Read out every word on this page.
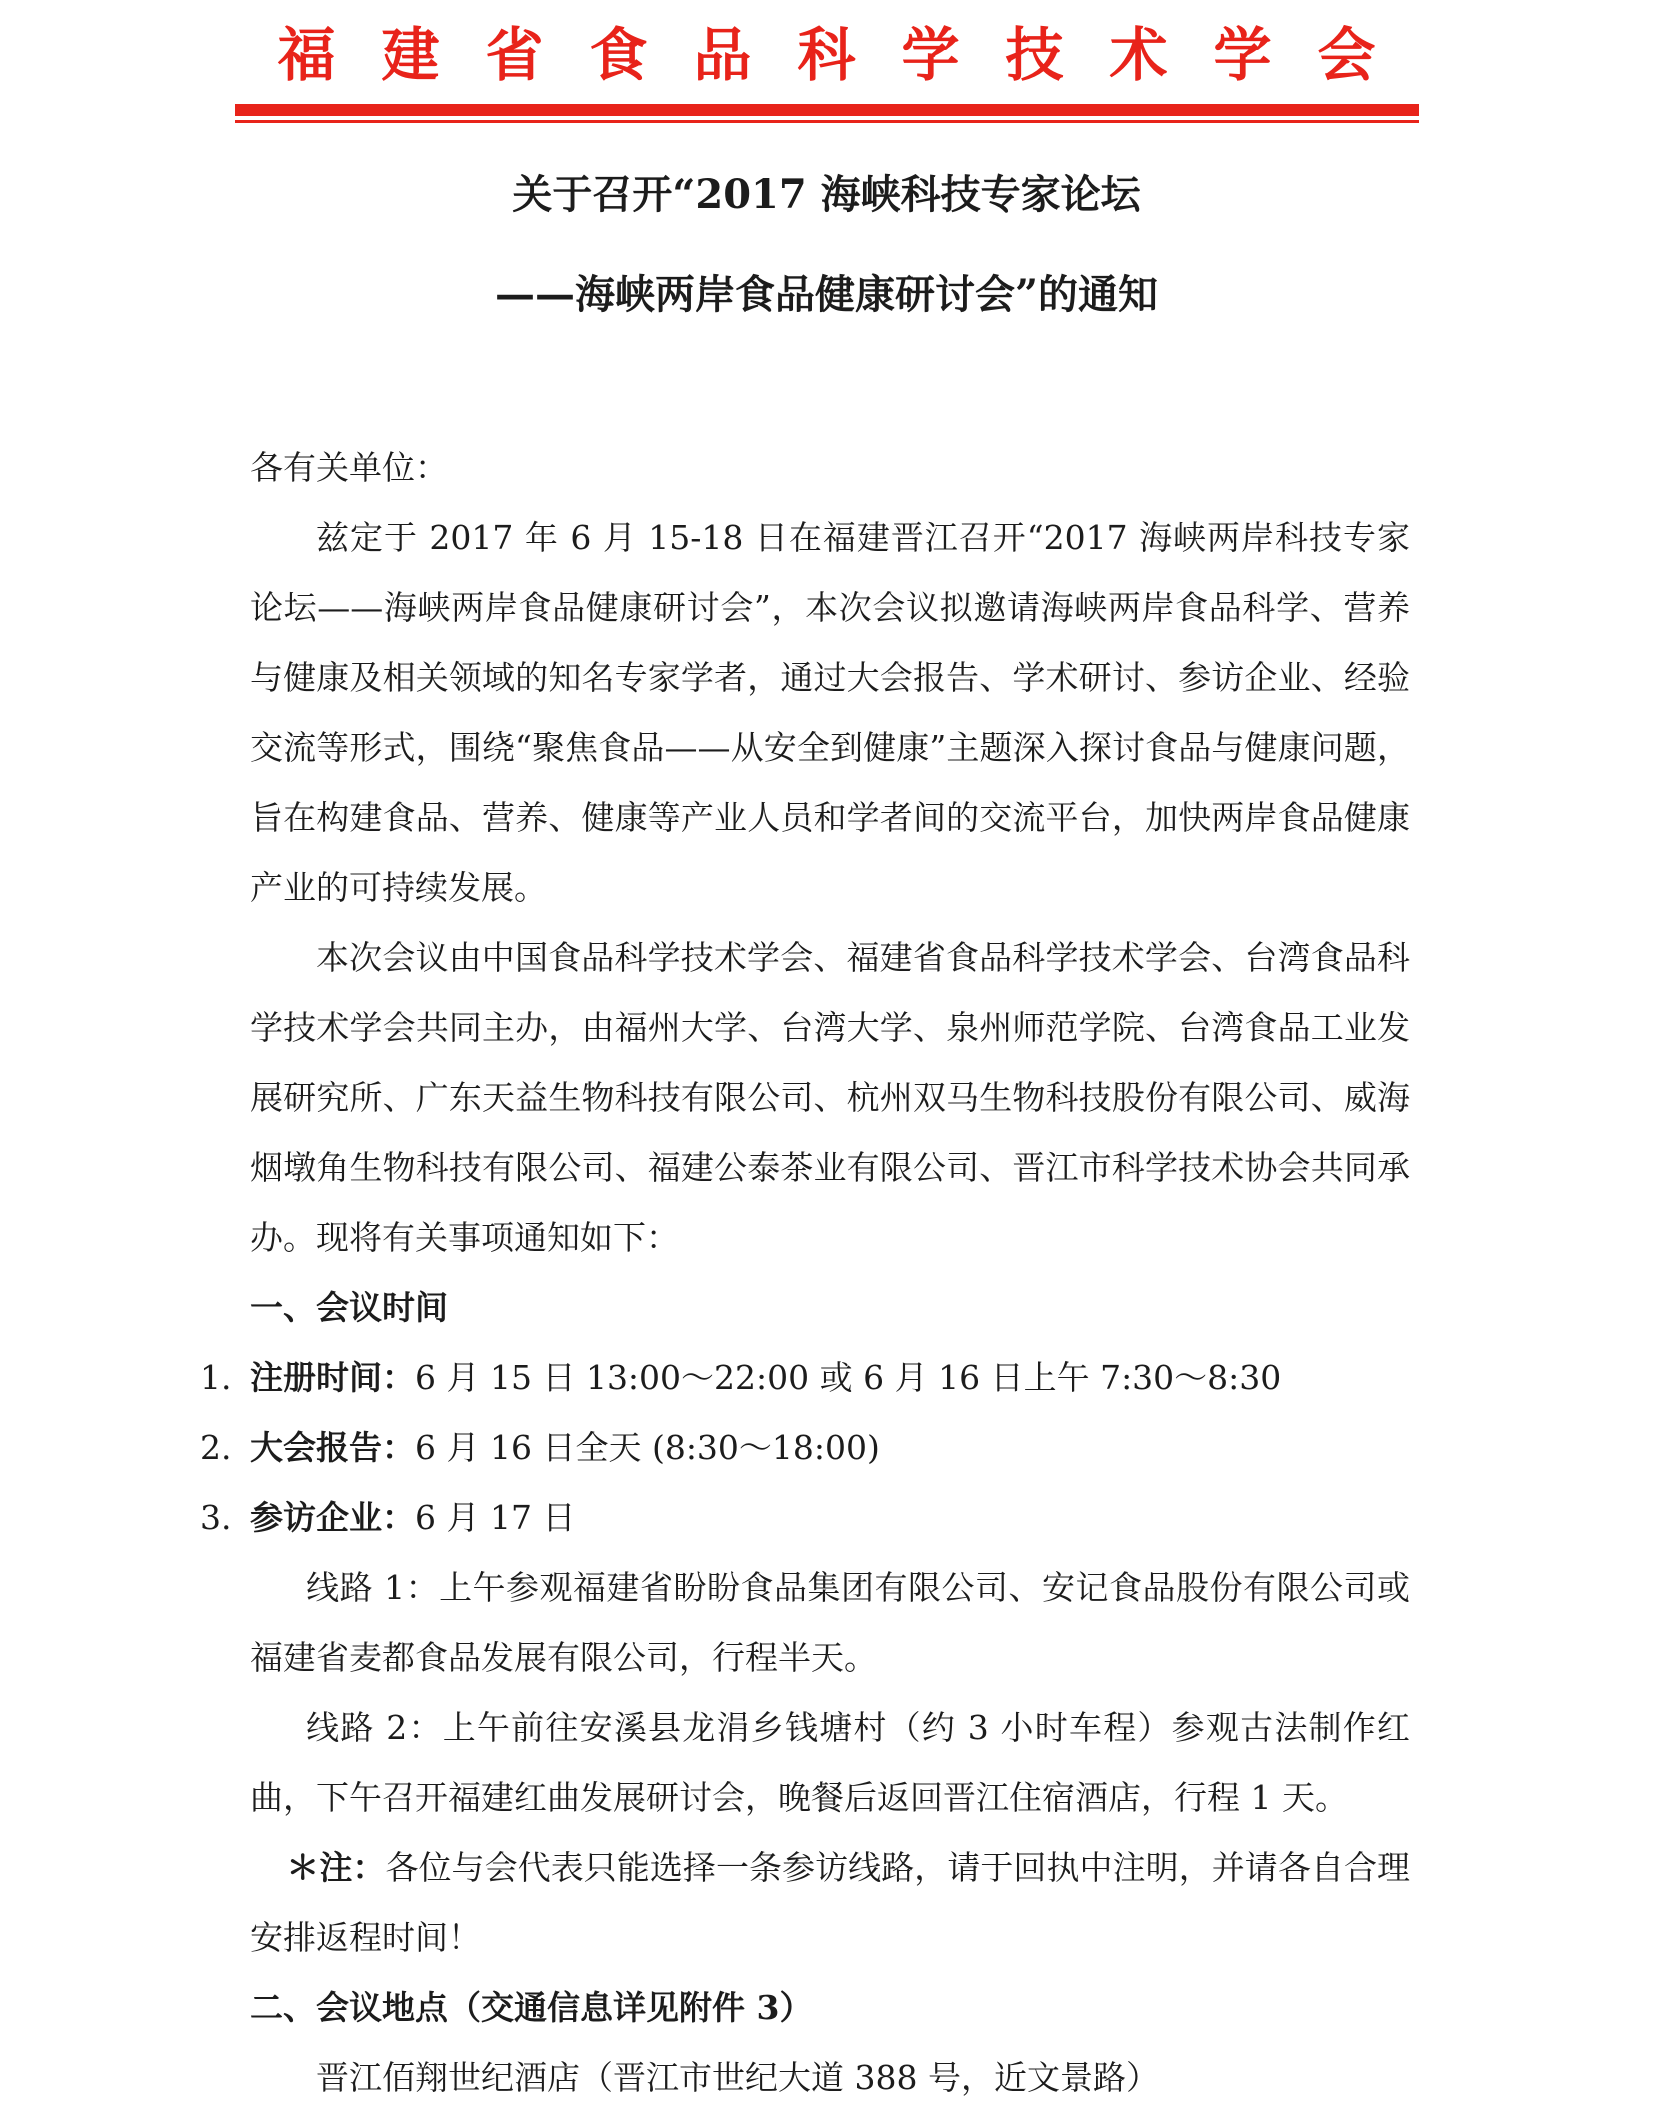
福建省食品科学技术学会
关于召开“2017 海峡科技专家论坛
——海峡两岸食品健康研讨会”的通知
各有关单位：
兹定于 2017 年 6 月 15-18 日在福建晋江召开“2017 海峡两岸科技专家论坛——海峡两岸食品健康研讨会”，本次会议拟邀请海峡两岸食品科学、营养与健康及相关领域的知名专家学者，通过大会报告、学术研讨、参访企业、经验交流等形式，围绕“聚焦食品——从安全到健康”主题深入探讨食品与健康问题，旨在构建食品、营养、健康等产业人员和学者间的交流平台，加快两岸食品健康产业的可持续发展。
本次会议由中国食品科学技术学会、福建省食品科学技术学会、台湾食品科学技术学会共同主办，由福州大学、台湾大学、泉州师范学院、台湾食品工业发展研究所、广东天益生物科技有限公司、杭州双马生物科技股份有限公司、威海烟墩角生物科技有限公司、福建公泰茶业有限公司、晋江市科学技术协会共同承办。现将有关事项通知如下：
一、会议时间
1. 注册时间：6 月 15 日 13:00～22:00 或 6 月 16 日上午 7:30～8:30
2. 大会报告：6 月 16 日全天 (8:30～18:00)
3. 参访企业：6 月 17 日
线路 1：上午参观福建省盼盼食品集团有限公司、安记食品股份有限公司或福建省麦都食品发展有限公司，行程半天。
线路 2：上午前往安溪县龙涓乡钱塘村（约 3 小时车程）参观古法制作红曲，下午召开福建红曲发展研讨会，晚餐后返回晋江住宿酒店，行程 1 天。
＊注：各位与会代表只能选择一条参访线路，请于回执中注明，并请各自合理安排返程时间！
二、会议地点（交通信息详见附件 3）
晋江佰翔世纪酒店（晋江市世纪大道 388 号，近文景路）
